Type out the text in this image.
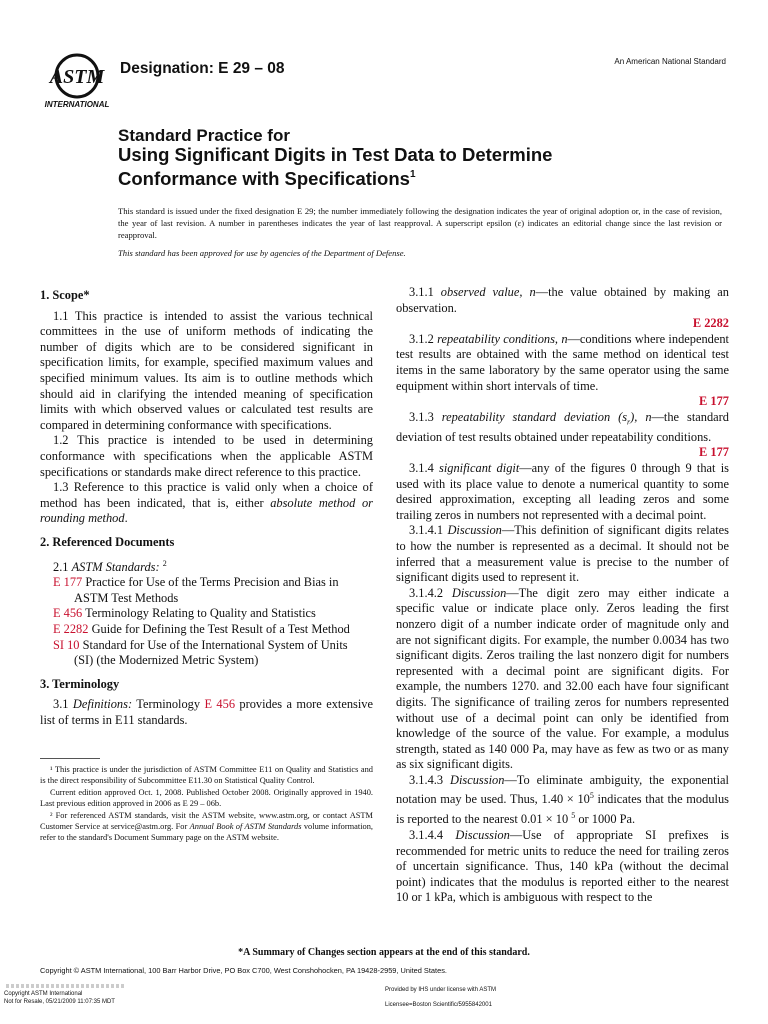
ASTM
INTERNATIONAL
Designation: E 29 – 08	An American National Standard
Standard Practice for
Using Significant Digits in Test Data to Determine
Conformance with Specifications$^1$
This standard is issued under the fixed designation E 29; the number immediately following the designation indicates the year of original adoption or, in the case of revision, the year of last revision. A number in parentheses indicates the year of last reapproval. A superscript epsilon (ε) indicates an editorial change since the last revision or reapproval.
This standard has been approved for use by agencies of the Department of Defense.
1. Scope*

1.1 This practice is intended to assist the various technical committees in the use of uniform methods of indicating the number of digits which are to be considered significant in specification limits, for example, specified maximum values and specified minimum values. Its aim is to outline methods which should aid in clarifying the intended meaning of specification limits with which observed values or calculated test results are compared in determining conformance with specifications.

1.2 This practice is intended to be used in determining conformance with specifications when the applicable ASTM specifications or standards make direct reference to this practice.

1.3 Reference to this practice is valid only when a choice of method has been indicated, that is, either absolute method or rounding method.

2. Referenced Documents

2.1 ASTM Standards: $^2$

E 177 Practice for Use of the Terms Precision and Bias in
ASTM Test Methods

E 456 Terminology Relating to Quality and Statistics

E 2282 Guide for Defining the Test Result of a Test Method

SI 10 Standard for Use of the International System of Units
(SI) (the Modernized Metric System)

3. Terminology

3.1 Definitions: Terminology E 456 provides a more extensive list of terms in E11 standards.

¹ This practice is under the jurisdiction of ASTM Committee E11 on Quality and Statistics and is the direct responsibility of Subcommittee E11.30 on Statistical Quality Control.

Current edition approved Oct. 1, 2008. Published October 2008. Originally approved in 1940. Last previous edition approved in 2006 as E 29 – 06b.

² For referenced ASTM standards, visit the ASTM website, www.astm.org, or contact ASTM Customer Service at service@astm.org. For Annual Book of ASTM Standards volume information, refer to the standard's Document Summary page on the ASTM website.

3.1.1 observed value, n—the value obtained by making an observation.

E 2282

3.1.2 repeatability conditions, n—conditions where independent test results are obtained with the same method on identical test items in the same laboratory by the same operator using the same equipment within short intervals of time.

E 177

3.1.3 repeatability standard deviation $(s_r)$, n—the standard deviation of test results obtained under repeatability conditions.

E 177

3.1.4 significant digit—any of the figures 0 through 9 that is used with its place value to denote a numerical quantity to some desired approximation, excepting all leading zeros and some trailing zeros in numbers not represented with a decimal point.

3.1.4.1 Discussion—This definition of significant digits relates to how the number is represented as a decimal. It should not be inferred that a measurement value is precise to the number of significant digits used to represent it.

3.1.4.2 Discussion—The digit zero may either indicate a specific value or indicate place only. Zeros leading the first nonzero digit of a number indicate order of magnitude only and are not significant digits. For example, the number 0.0034 has two significant digits. Zeros trailing the last nonzero digit for numbers represented with a decimal point are significant digits. For example, the numbers 1270. and 32.00 each have four significant digits. The significance of trailing zeros for numbers represented without use of a decimal point can only be identified from knowledge of the source of the value. For example, a modulus strength, stated as 140 000 Pa, may have as few as two or as many as six significant digits.

3.1.4.3 Discussion—To eliminate ambiguity, the exponential notation may be used. Thus, $1.40 \times 10^5$ indicates that the modulus is reported to the nearest 0.01 × 10 $^5$ or 1000 Pa.

3.1.4.4 Discussion—Use of appropriate SI prefixes is recommended for metric units to reduce the need for trailing zeros of uncertain significance. Thus, 140 kPa (without the decimal point) indicates that the modulus is reported either to the nearest 10 or 1 kPa, which is ambiguous with respect to the

*A Summary of Changes section appears at the end of this standard.
Copyright © ASTM International, 100 Barr Harbor Drive, PO Box C700, West Conshohocken, PA 19428-2959, United States.
Copyright ASTM International
Not for Resale, 05/21/2009 11:07:35 MDT
Provided by IHS under license with ASTM
Licensee=Boston Scientific/5955842001
